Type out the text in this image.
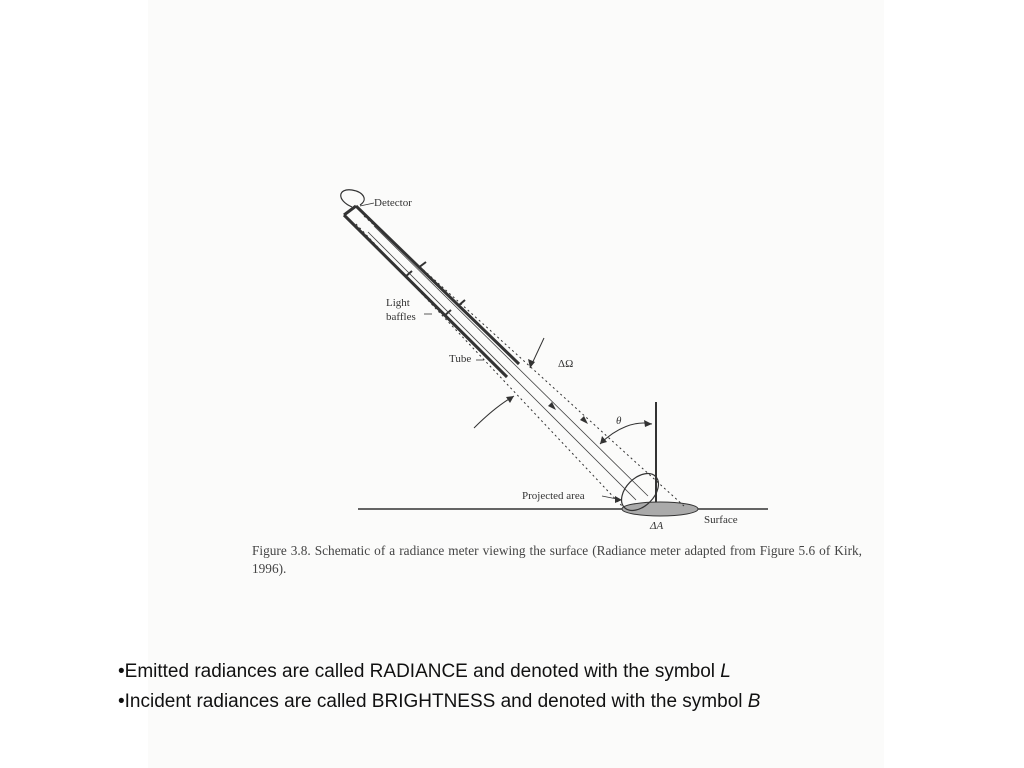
Detector
Light
baffles
Tube	ΔΩ
θ
Projected area
ΔA	Surface
Figure 3.8. Schematic of a radiance meter viewing the surface (Radiance meter adapted from Figure 5.6 of Kirk, 1996).
•Emitted radiances are called RADIANCE and denoted with the symbol L
•Incident radiances are called BRIGHTNESS and denoted with the symbol B
